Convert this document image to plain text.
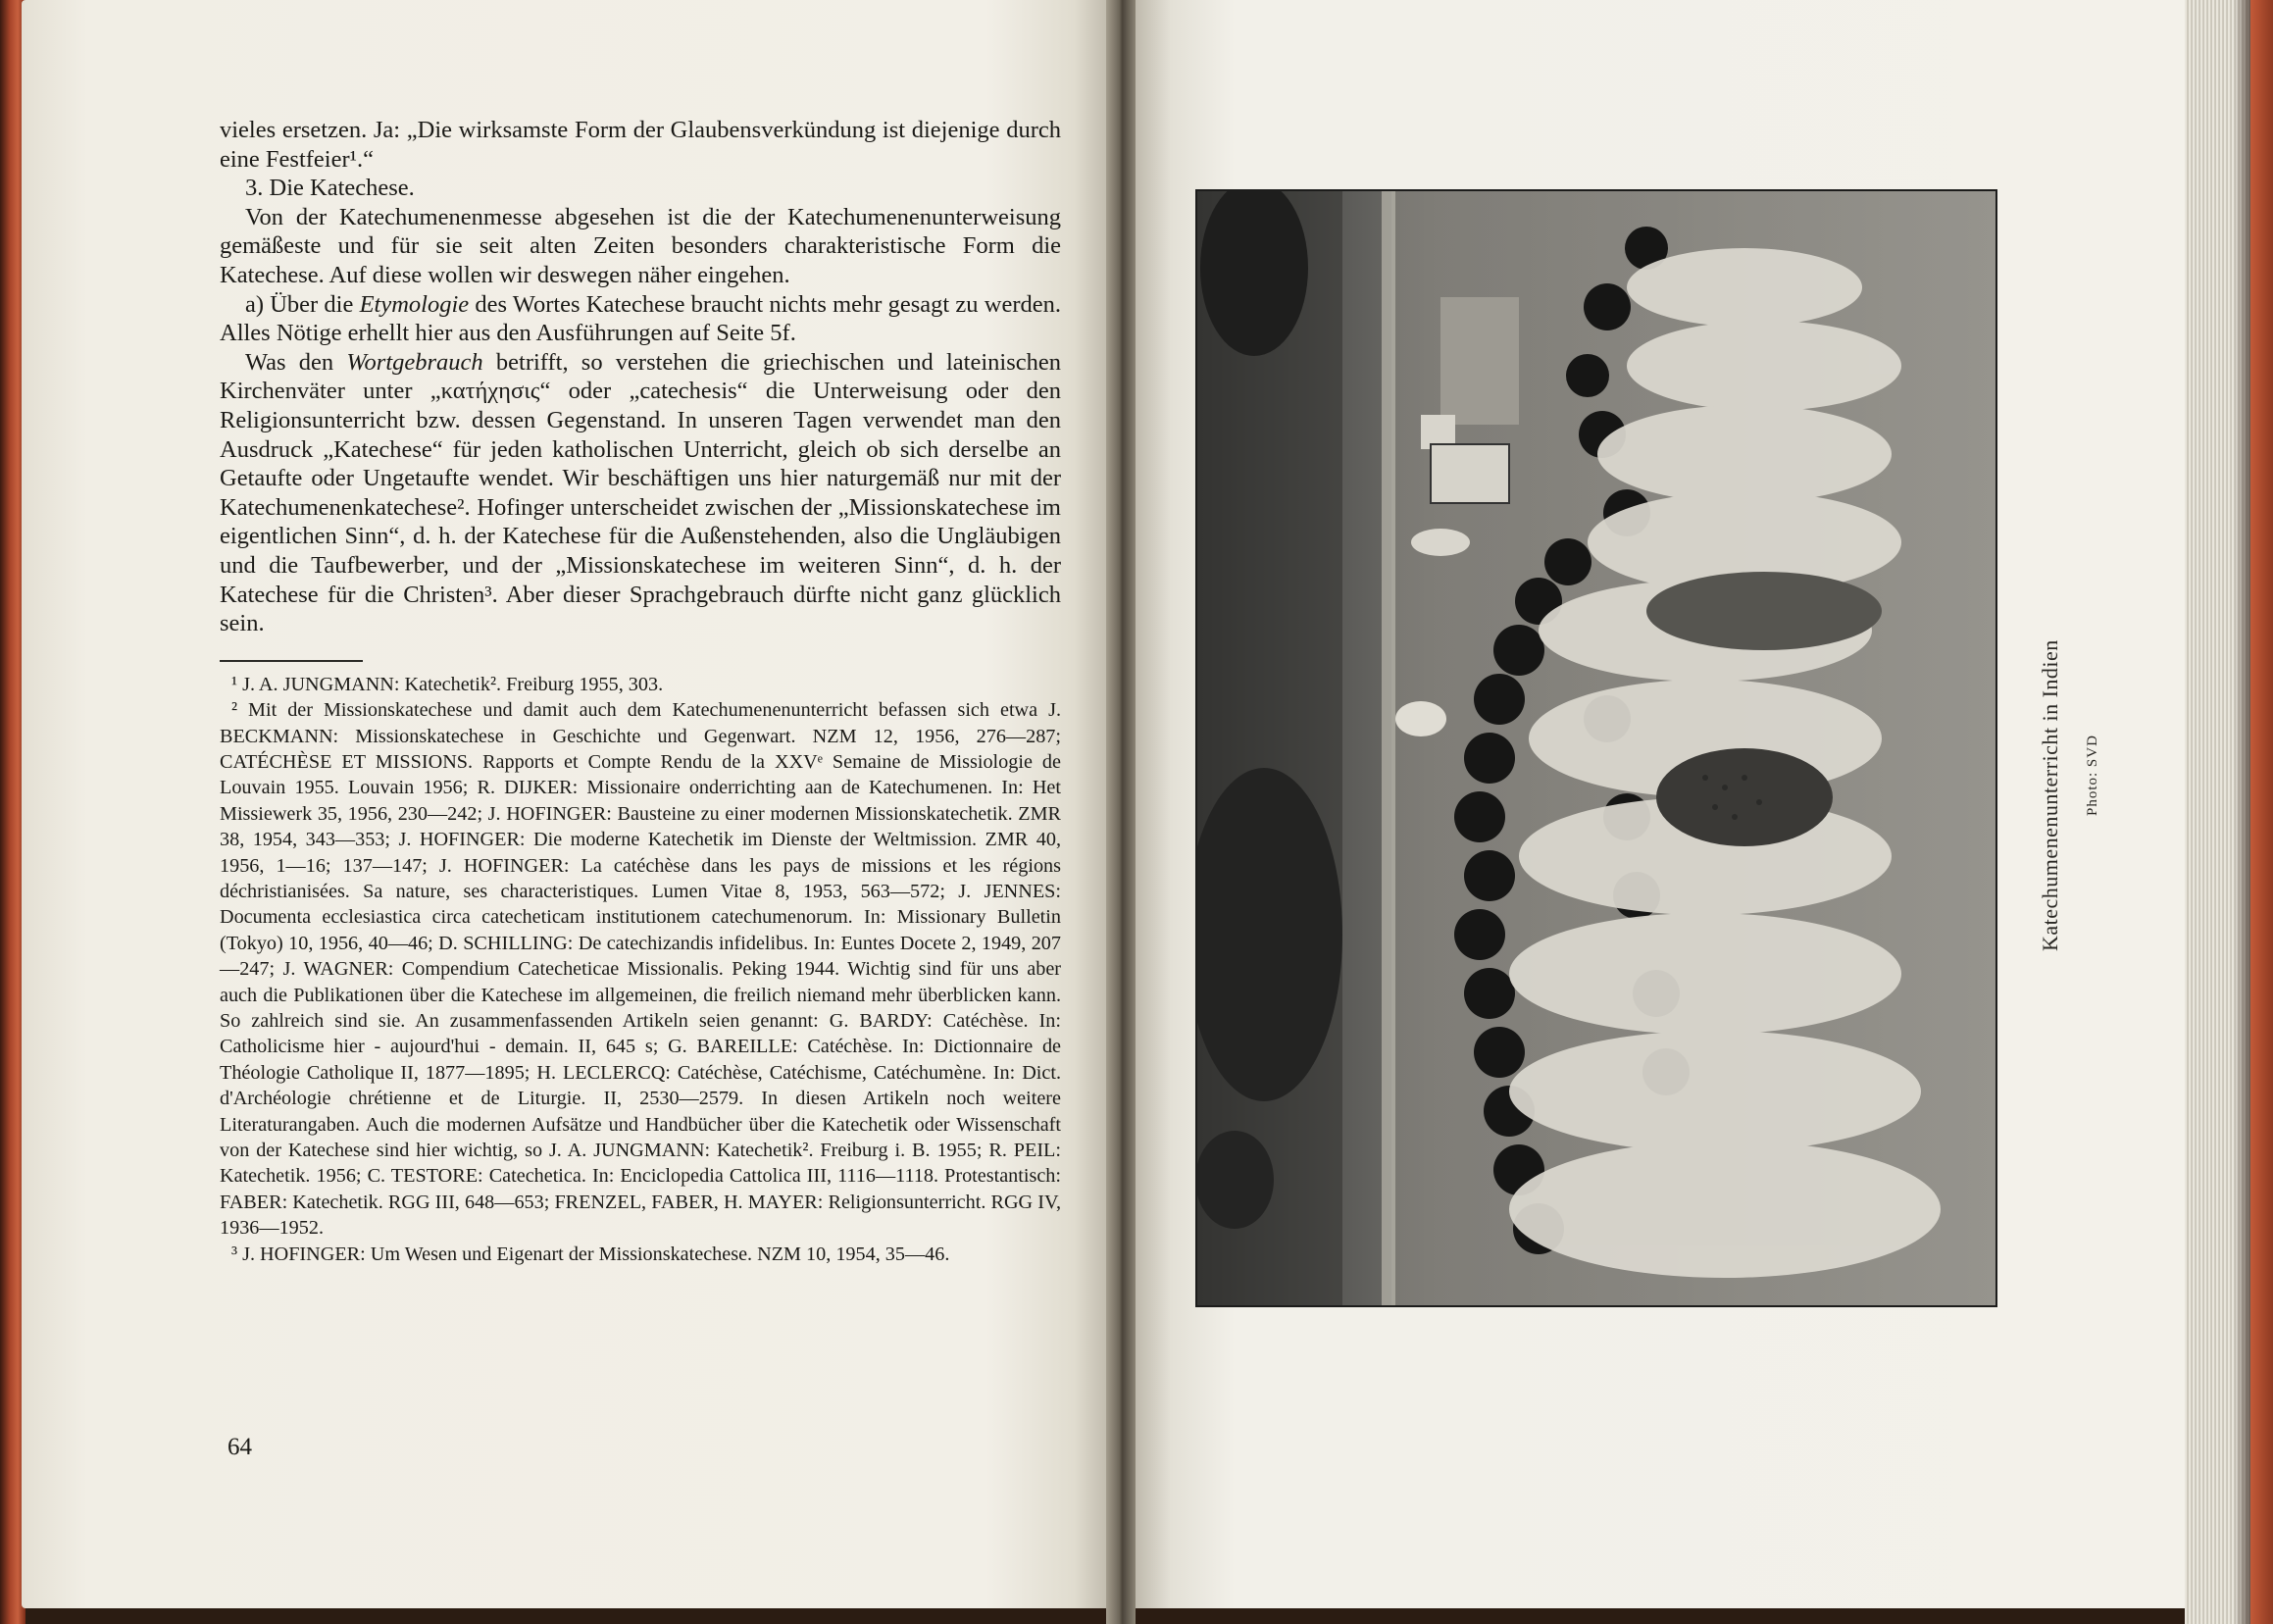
vieles ersetzen. Ja: „Die wirksamste Form der Glaubensverkündung ist diejenige durch eine Festfeier¹.“

3. Die Katechese.

Von der Katechumenenmesse abgesehen ist die der Katechumenenunterweisung gemäßeste und für sie seit alten Zeiten besonders charakteristische Form die Katechese. Auf diese wollen wir deswegen näher eingehen.

a) Über die Etymologie des Wortes Katechese braucht nichts mehr gesagt zu werden. Alles Nötige erhellt hier aus den Ausführungen auf Seite 5f.

Was den Wortgebrauch betrifft, so verstehen die griechischen und lateinischen Kirchenväter unter „κατήχησις“ oder „catechesis“ die Unterweisung oder den Religionsunterricht bzw. dessen Gegenstand. In unseren Tagen verwendet man den Ausdruck „Katechese“ für jeden katholischen Unterricht, gleich ob sich derselbe an Getaufte oder Ungetaufte wendet. Wir beschäftigen uns hier naturgemäß nur mit der Katechumenenkatechese². Hofinger unterscheidet zwischen der „Missionskatechese im eigentlichen Sinn“, d. h. der Katechese für die Außenstehenden, also die Ungläubigen und die Taufbewerber, und der „Missionskatechese im weiteren Sinn“, d. h. der Katechese für die Christen³. Aber dieser Sprachgebrauch dürfte nicht ganz glücklich sein.

¹ J. A. JUNGMANN: Katechetik². Freiburg 1955, 303.

² Mit der Missionskatechese und damit auch dem Katechumenenunterricht befassen sich etwa J. BECKMANN: Missionskatechese in Geschichte und Gegenwart. NZM 12, 1956, 276—287; CATÉCHÈSE ET MISSIONS. Rapports et Compte Rendu de la XXVᵉ Semaine de Missiologie de Louvain 1955. Louvain 1956; R. DIJKER: Missionaire onderrichting aan de Katechumenen. In: Het Missiewerk 35, 1956, 230—242; J. HOFINGER: Bausteine zu einer modernen Missionskatechetik. ZMR 38, 1954, 343—353; J. HOFINGER: Die moderne Katechetik im Dienste der Weltmission. ZMR 40, 1956, 1—16; 137—147; J. HOFINGER: La catéchèse dans les pays de missions et les régions déchristianisées. Sa nature, ses characteristiques. Lumen Vitae 8, 1953, 563—572; J. JENNES: Documenta ecclesiastica circa catecheticam institutionem catechumenorum. In: Missionary Bulletin (Tokyo) 10, 1956, 40—46; D. SCHILLING: De catechizandis infidelibus. In: Euntes Docete 2, 1949, 207—247; J. WAGNER: Compendium Catecheticae Missionalis. Peking 1944. Wichtig sind für uns aber auch die Publikationen über die Katechese im allgemeinen, die freilich niemand mehr überblicken kann. So zahlreich sind sie. An zusammenfassenden Artikeln seien genannt: G. BARDY: Catéchèse. In: Catholicisme hier - aujourd'hui - demain. II, 645 s; G. BAREILLE: Catéchèse. In: Dictionnaire de Théologie Catholique II, 1877—1895; H. LECLERCQ: Catéchèse, Catéchisme, Catéchumène. In: Dict. d'Archéologie chrétienne et de Liturgie. II, 2530—2579. In diesen Artikeln noch weitere Literaturangaben. Auch die modernen Aufsätze und Handbücher über die Katechetik oder Wissenschaft von der Katechese sind hier wichtig, so J. A. JUNGMANN: Katechetik². Freiburg i. B. 1955; R. PEIL: Katechetik. 1956; C. TESTORE: Catechetica. In: Enciclopedia Cattolica III, 1116—1118. Protestantisch: FABER: Katechetik. RGG III, 648—653; FRENZEL, FABER, H. MAYER: Religionsunterricht. RGG IV, 1936—1952.

³ J. HOFINGER: Um Wesen und Eigenart der Missionskatechese. NZM 10, 1954, 35—46.

64
Katechumenenunterricht in Indien Photo: SVD
